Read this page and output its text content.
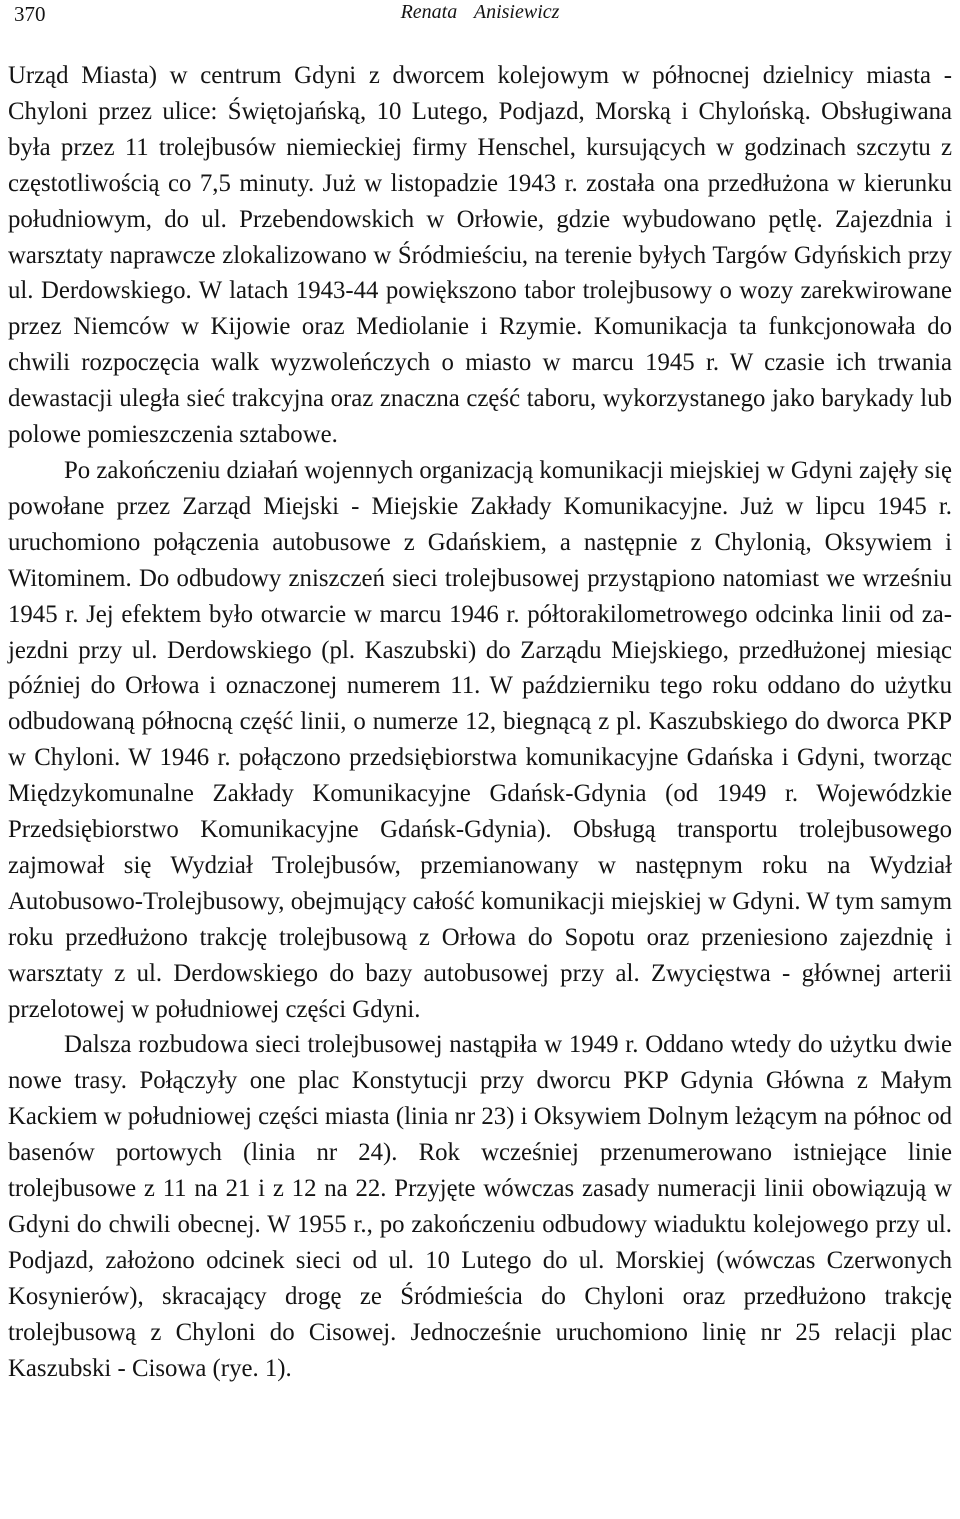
370	Renata Anisiewicz

Urząd Miasta) w centrum Gdyni z dworcem kolejowym w północnej dzielnicy miasta - Chyloni przez ulice: Świętojańską, 10 Lutego, Podjazd, Morską i Chylońską. Obsługiwana była przez 11 trolejbusów niemieckiej firmy Henschel, kursujących w godzinach szczytu z częstotliwością co 7,5 minuty. Już w listopadzie 1943 r. została ona przedłużona w kierunku południowym, do ul. Przebendowskich w Orłowie, gdzie wybudowano pętlę. Zajezdnia i warsztaty naprawcze zlokalizowano w Śródmieściu, na terenie byłych Targów Gdyńskich przy ul. Derdowskiego. W latach 1943-44 powiększono tabor trolejbusowy o wozy zarekwirowane przez Niemców w Kijowie oraz Mediolanie i Rzymie. Komunikacja ta funkcjonowała do chwili rozpoczęcia walk wyzwoleńczych o miasto w marcu 1945 r. W czasie ich trwania dewastacji uległa sieć trakcyjna oraz znaczna część taboru, wykorzystanego jako barykady lub polowe pomieszczenia sztabowe.

Po zakończeniu działań wojennych organizacją komunikacji miejskiej w Gdyni zajęły się powołane przez Zarząd Miejski - Miejskie Zakłady Komunikacyjne. Już w lipcu 1945 r. uruchomiono połączenia autobusowe z Gdańskiem, a następnie z Chylonią, Oksywiem i Witominem. Do odbudowy zniszczeń sieci trolejbusowej przystąpiono natomiast we wrześniu 1945 r. Jej efektem było otwarcie w marcu 1946 r. półtorakilometrowego odcinka linii od zajezdni przy ul. Derdowskiego (pl. Kaszubski) do Zarządu Miejskiego, przedłużonej miesiąc później do Orłowa i oznaczonej numerem 11. W październiku tego roku oddano do użytku odbudowaną północną część linii, o numerze 12, biegnącą z pl. Kaszubskiego do dworca PKP w Chyloni. W 1946 r. połączono przedsiębiorstwa komunikacyjne Gdańska i Gdyni, tworząc Międzykomunalne Zakłady Komunikacyjne Gdańsk-Gdynia (od 1949 r. Wojewódzkie Przedsiębiorstwo Komunikacyjne Gdańsk-Gdynia). Obsługą transportu trolejbusowego zajmował się Wydział Trolejbusów, przemianowany w następnym roku na Wydział Autobusowo-Trolejbusowy, obejmujący całość komunikacji miejskiej w Gdyni. W tym samym roku przedłużono trakcję trolejbusową z Orłowa do Sopotu oraz przeniesiono zajezdnię i warsztaty z ul. Derdowskiego do bazy autobusowej przy al. Zwycięstwa - głównej arterii przelotowej w południowej części Gdyni.

Dalsza rozbudowa sieci trolejbusowej nastąpiła w 1949 r. Oddano wtedy do użytku dwie nowe trasy. Połączyły one plac Konstytucji przy dworcu PKP Gdynia Główna z Małym Kackiem w południowej części miasta (linia nr 23) i Oksywiem Dolnym leżącym na północ od basenów portowych (linia nr 24). Rok wcześniej przenumerowano istniejące linie trolejbusowe z 11 na 21 i z 12 na 22. Przyjęte wówczas zasady numeracji linii obowiązują w Gdyni do chwili obecnej. W 1955 r., po zakończeniu odbudowy wiaduktu kolejowego przy ul. Podjazd, założono odcinek sieci od ul. 10 Lutego do ul. Morskiej (wówczas Czerwonych Kosynierów), skracający drogę ze Śródmieścia do Chyloni oraz przedłużono trakcję trolejbusową z Chyloni do Cisowej. Jednocześnie uruchomiono linię nr 25 relacji plac Kaszubski - Cisowa (rye. 1).
